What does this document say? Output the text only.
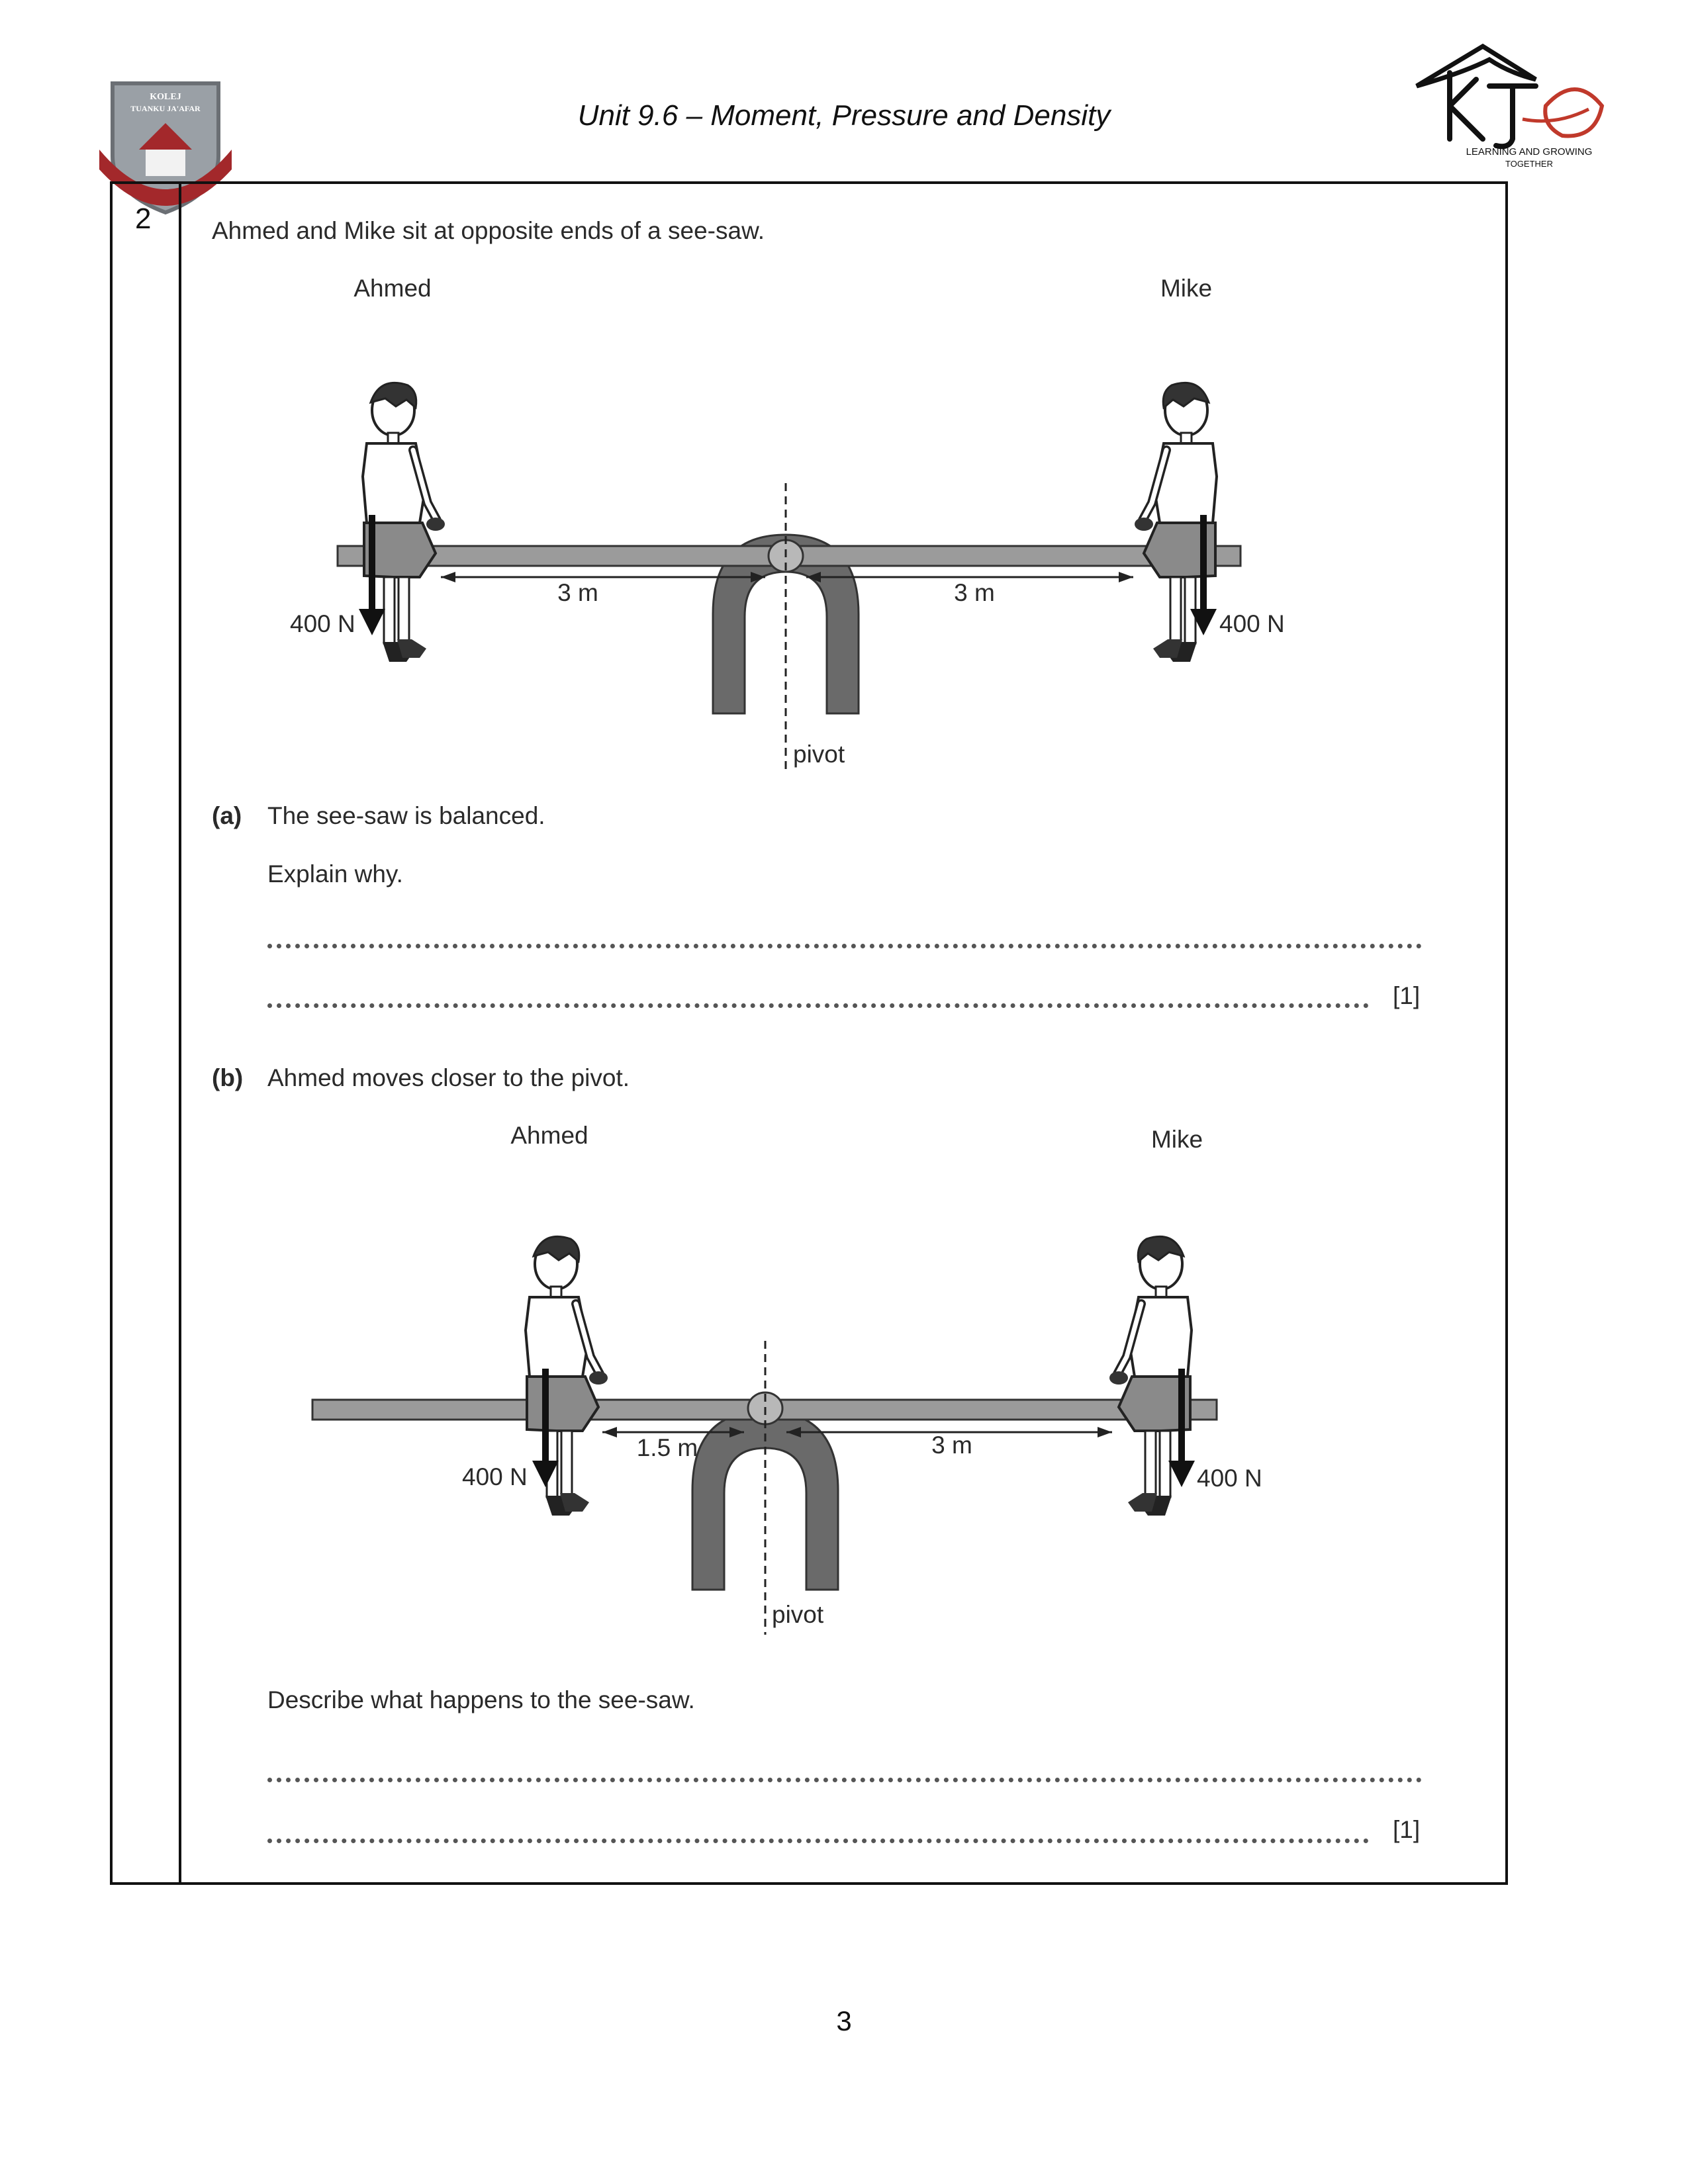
KOLEJ
TUANKU JA'AFAR	Unit 9.6 – Moment, Pressure and Density
LEARNING AND GROWING
TOGETHER
2 Ahmed and Mike sit at opposite ends of a see-saw.
Ahmed	Mike
400 N	400 N
3 m	3 m
pivot
(a) The see-saw is balanced.
Explain why.
[1]
(b) Ahmed moves closer to the pivot.
Ahmed	Mike
400 N	400 N
1.5 m	3 m
pivot
Describe what happens to the see-saw.
[1]
3
